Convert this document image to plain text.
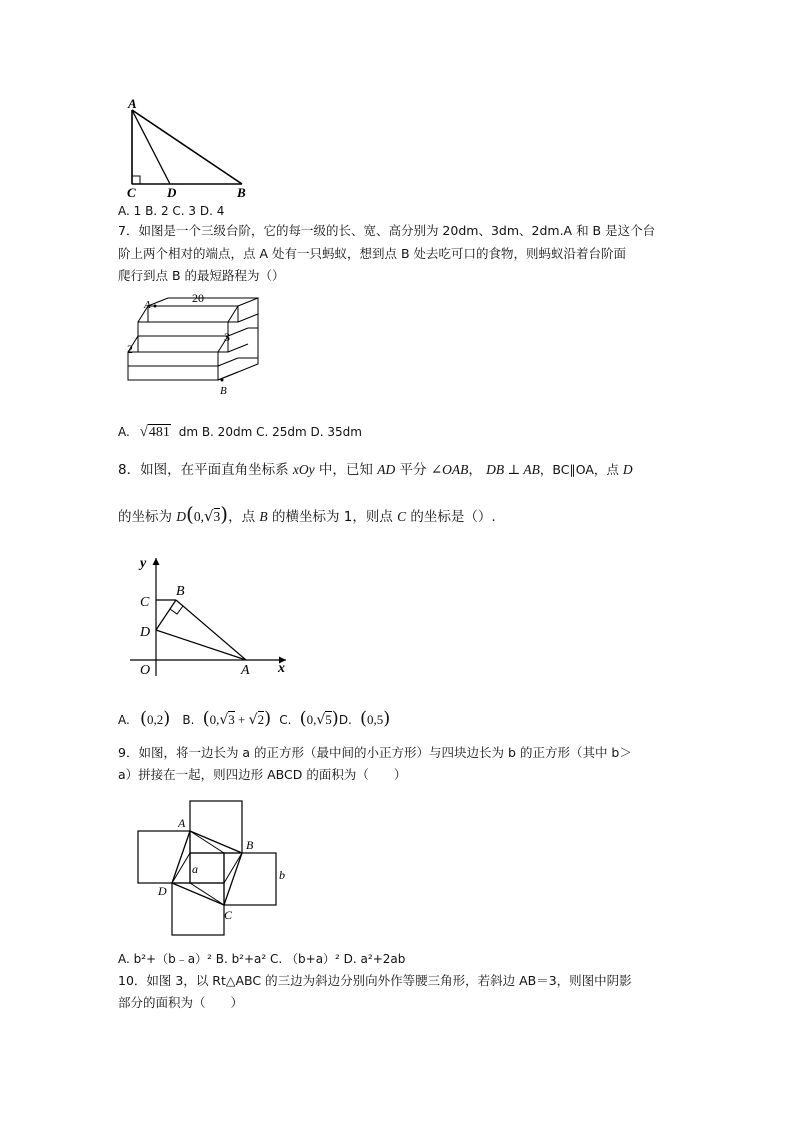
A
C D	B
A. 1 B. 2 C. 3 D. 4
7．如图是一个三级台阶，它的每一级的长、宽、高分别为 20dm、3dm、2dm.A 和 B 是这个台
阶上两个相对的端点，点 A 处有一只蚂蚁，想到点 B 处去吃可口的食物，则蚂蚁沿着台阶面
爬行到点 B 的最短路程为（）
A	20
3
2
B
A. √481 dm B. 20dm C. 25dm D. 35dm
8．如图，在平面直角坐标系 xOy 中，已知 AD 平分 ∠OAB， DB ⊥ AB，BC∥OA，点 D
的坐标为 D(0,√3)，点 B 的横坐标为 1，则点 C 的坐标是（）.
y
B
C
D
O	A x
A. (0,2) B. (0,√3 + √2) C. (0,√5)D. (0,5)
9．如图，将一边长为 a 的正方形（最中间的小正方形）与四块边长为 b 的正方形（其中 b＞
a）拼接在一起，则四边形 ABCD 的面积为（　　）
A
B
a	b
D
C
A. b²+（b﹣a）² B. b²+a² C. （b+a）² D. a²+2ab
10．如图 3，以 Rt△ABC 的三边为斜边分别向外作等腰三角形，若斜边 AB＝3，则图中阴影
部分的面积为（　　）
